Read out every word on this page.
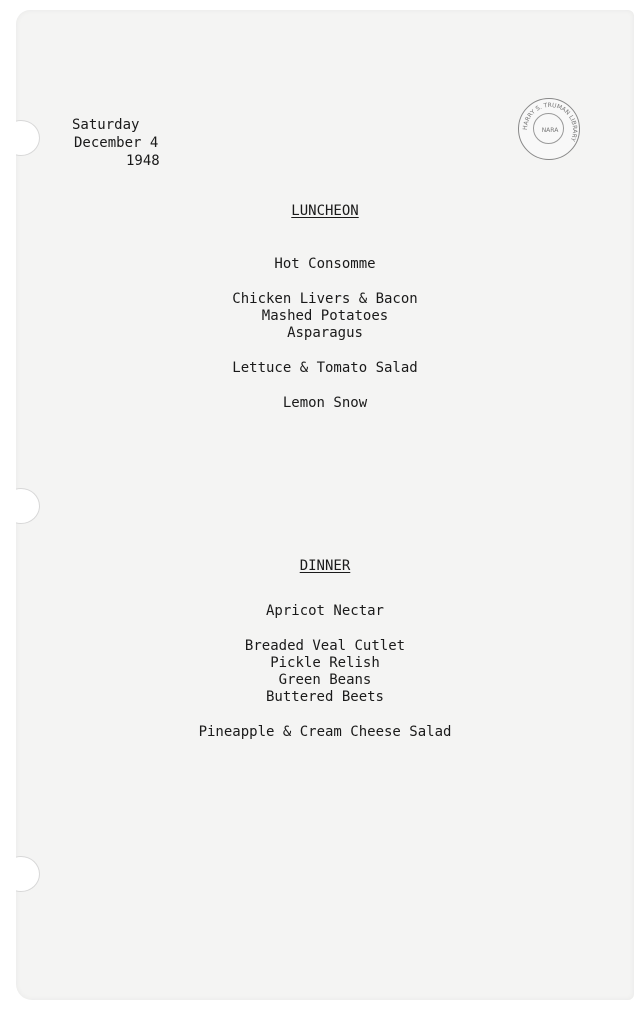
Saturday
December 4
1948
HARRY S. TRUMAN LIBRARY
NARA
LUNCHEON
Hot Consomme
Chicken Livers & Bacon
Mashed Potatoes
Asparagus
Lettuce & Tomato Salad
Lemon Snow
DINNER
Apricot Nectar
Breaded Veal Cutlet
Pickle Relish
Green Beans
Buttered Beets
Pineapple & Cream Cheese Salad
